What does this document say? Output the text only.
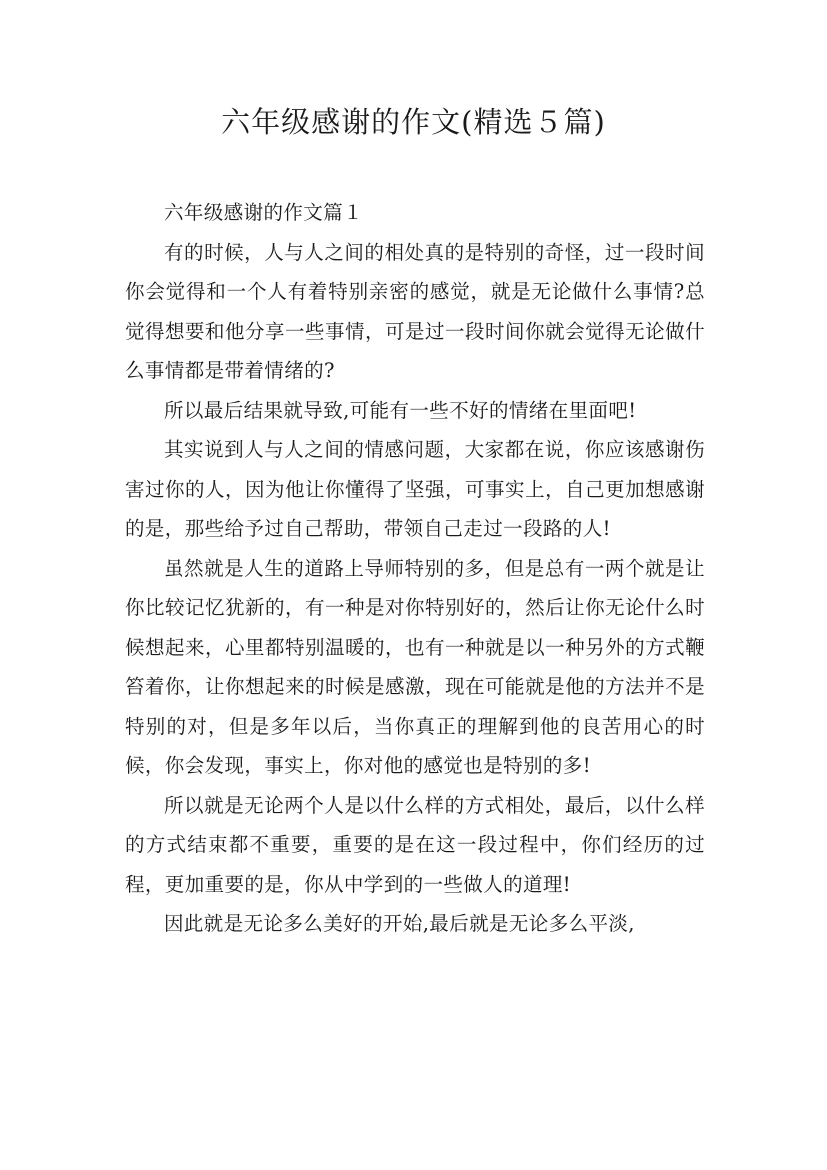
六年级感谢的作文(精选５篇)

六年级感谢的作文篇１

有的时候，人与人之间的相处真的是特别的奇怪，过一段时间你会觉得和一个人有着特别亲密的感觉，就是无论做什么事情?总觉得想要和他分享一些事情，可是过一段时间你就会觉得无论做什么事情都是带着情绪的?

所以最后结果就导致,可能有一些不好的情绪在里面吧!

其实说到人与人之间的情感问题，大家都在说，你应该感谢伤害过你的人，因为他让你懂得了坚强，可事实上，自己更加想感谢的是，那些给予过自己帮助，带领自己走过一段路的人!

虽然就是人生的道路上导师特别的多，但是总有一两个就是让你比较记忆犹新的，有一种是对你特别好的，然后让你无论什么时候想起来，心里都特别温暖的，也有一种就是以一种另外的方式鞭笞着你，让你想起来的时候是感激，现在可能就是他的方法并不是特别的对，但是多年以后，当你真正的理解到他的良苦用心的时候，你会发现，事实上，你对他的感觉也是特别的多!

所以就是无论两个人是以什么样的方式相处，最后，以什么样的方式结束都不重要，重要的是在这一段过程中，你们经历的过程，更加重要的是，你从中学到的一些做人的道理!

因此就是无论多么美好的开始,最后就是无论多么平淡,
